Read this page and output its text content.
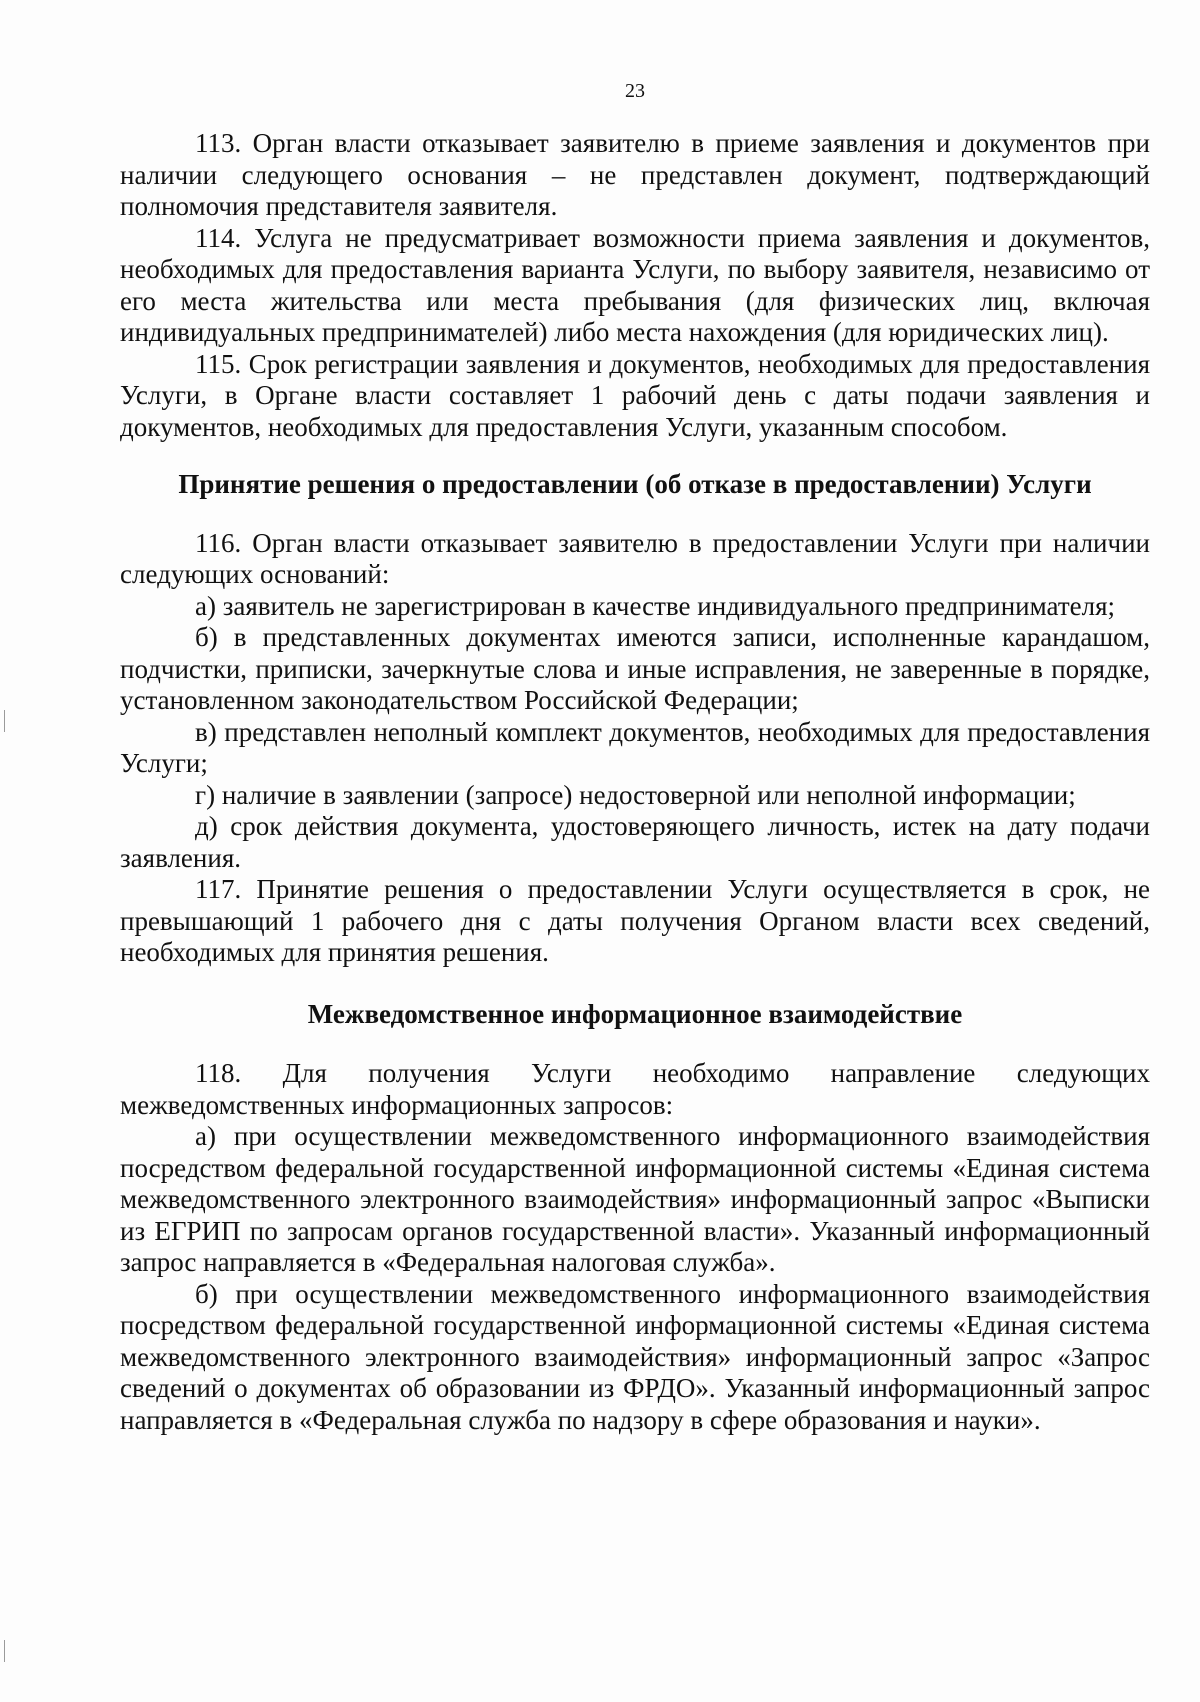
23

113. Орган власти отказывает заявителю в приеме заявления и документов при наличии следующего основания – не представлен документ, подтверждающий полномочия представителя заявителя.

114. Услуга не предусматривает возможности приема заявления и документов, необходимых для предоставления варианта Услуги, по выбору заявителя, независимо от его места жительства или места пребывания (для физических лиц, включая индивидуальных предпринимателей) либо места нахождения (для юридических лиц).

115. Срок регистрации заявления и документов, необходимых для предоставления Услуги, в Органе власти составляет 1 рабочий день с даты подачи заявления и документов, необходимых для предоставления Услуги, указанным способом.

Принятие решения о предоставлении (об отказе в предоставлении) Услуги

116. Орган власти отказывает заявителю в предоставлении Услуги при наличии следующих оснований:

а) заявитель не зарегистрирован в качестве индивидуального предпринимателя;

б) в представленных документах имеются записи, исполненные карандашом, подчистки, приписки, зачеркнутые слова и иные исправления, не заверенные в порядке, установленном законодательством Российской Федерации;

в) представлен неполный комплект документов, необходимых для предоставления Услуги;

г) наличие в заявлении (запросе) недостоверной или неполной информации;

д) срок действия документа, удостоверяющего личность, истек на дату подачи заявления.

117. Принятие решения о предоставлении Услуги осуществляется в срок, не превышающий 1 рабочего дня с даты получения Органом власти всех сведений, необходимых для принятия решения.

Межведомственное информационное взаимодействие

118. Для получения Услуги необходимо направление следующих межведомственных информационных запросов:

а) при осуществлении межведомственного информационного взаимодействия посредством федеральной государственной информационной системы «Единая система межведомственного электронного взаимодействия» информационный запрос «Выписки из ЕГРИП по запросам органов государственной власти». Указанный информационный запрос направляется в «Федеральная налоговая служба».

б) при осуществлении межведомственного информационного взаимодействия посредством федеральной государственной информационной системы «Единая система межведомственного электронного взаимодействия» информационный запрос «Запрос сведений о документах об образовании из ФРДО». Указанный информационный запрос направляется в «Федеральная служба по надзору в сфере образования и науки».
